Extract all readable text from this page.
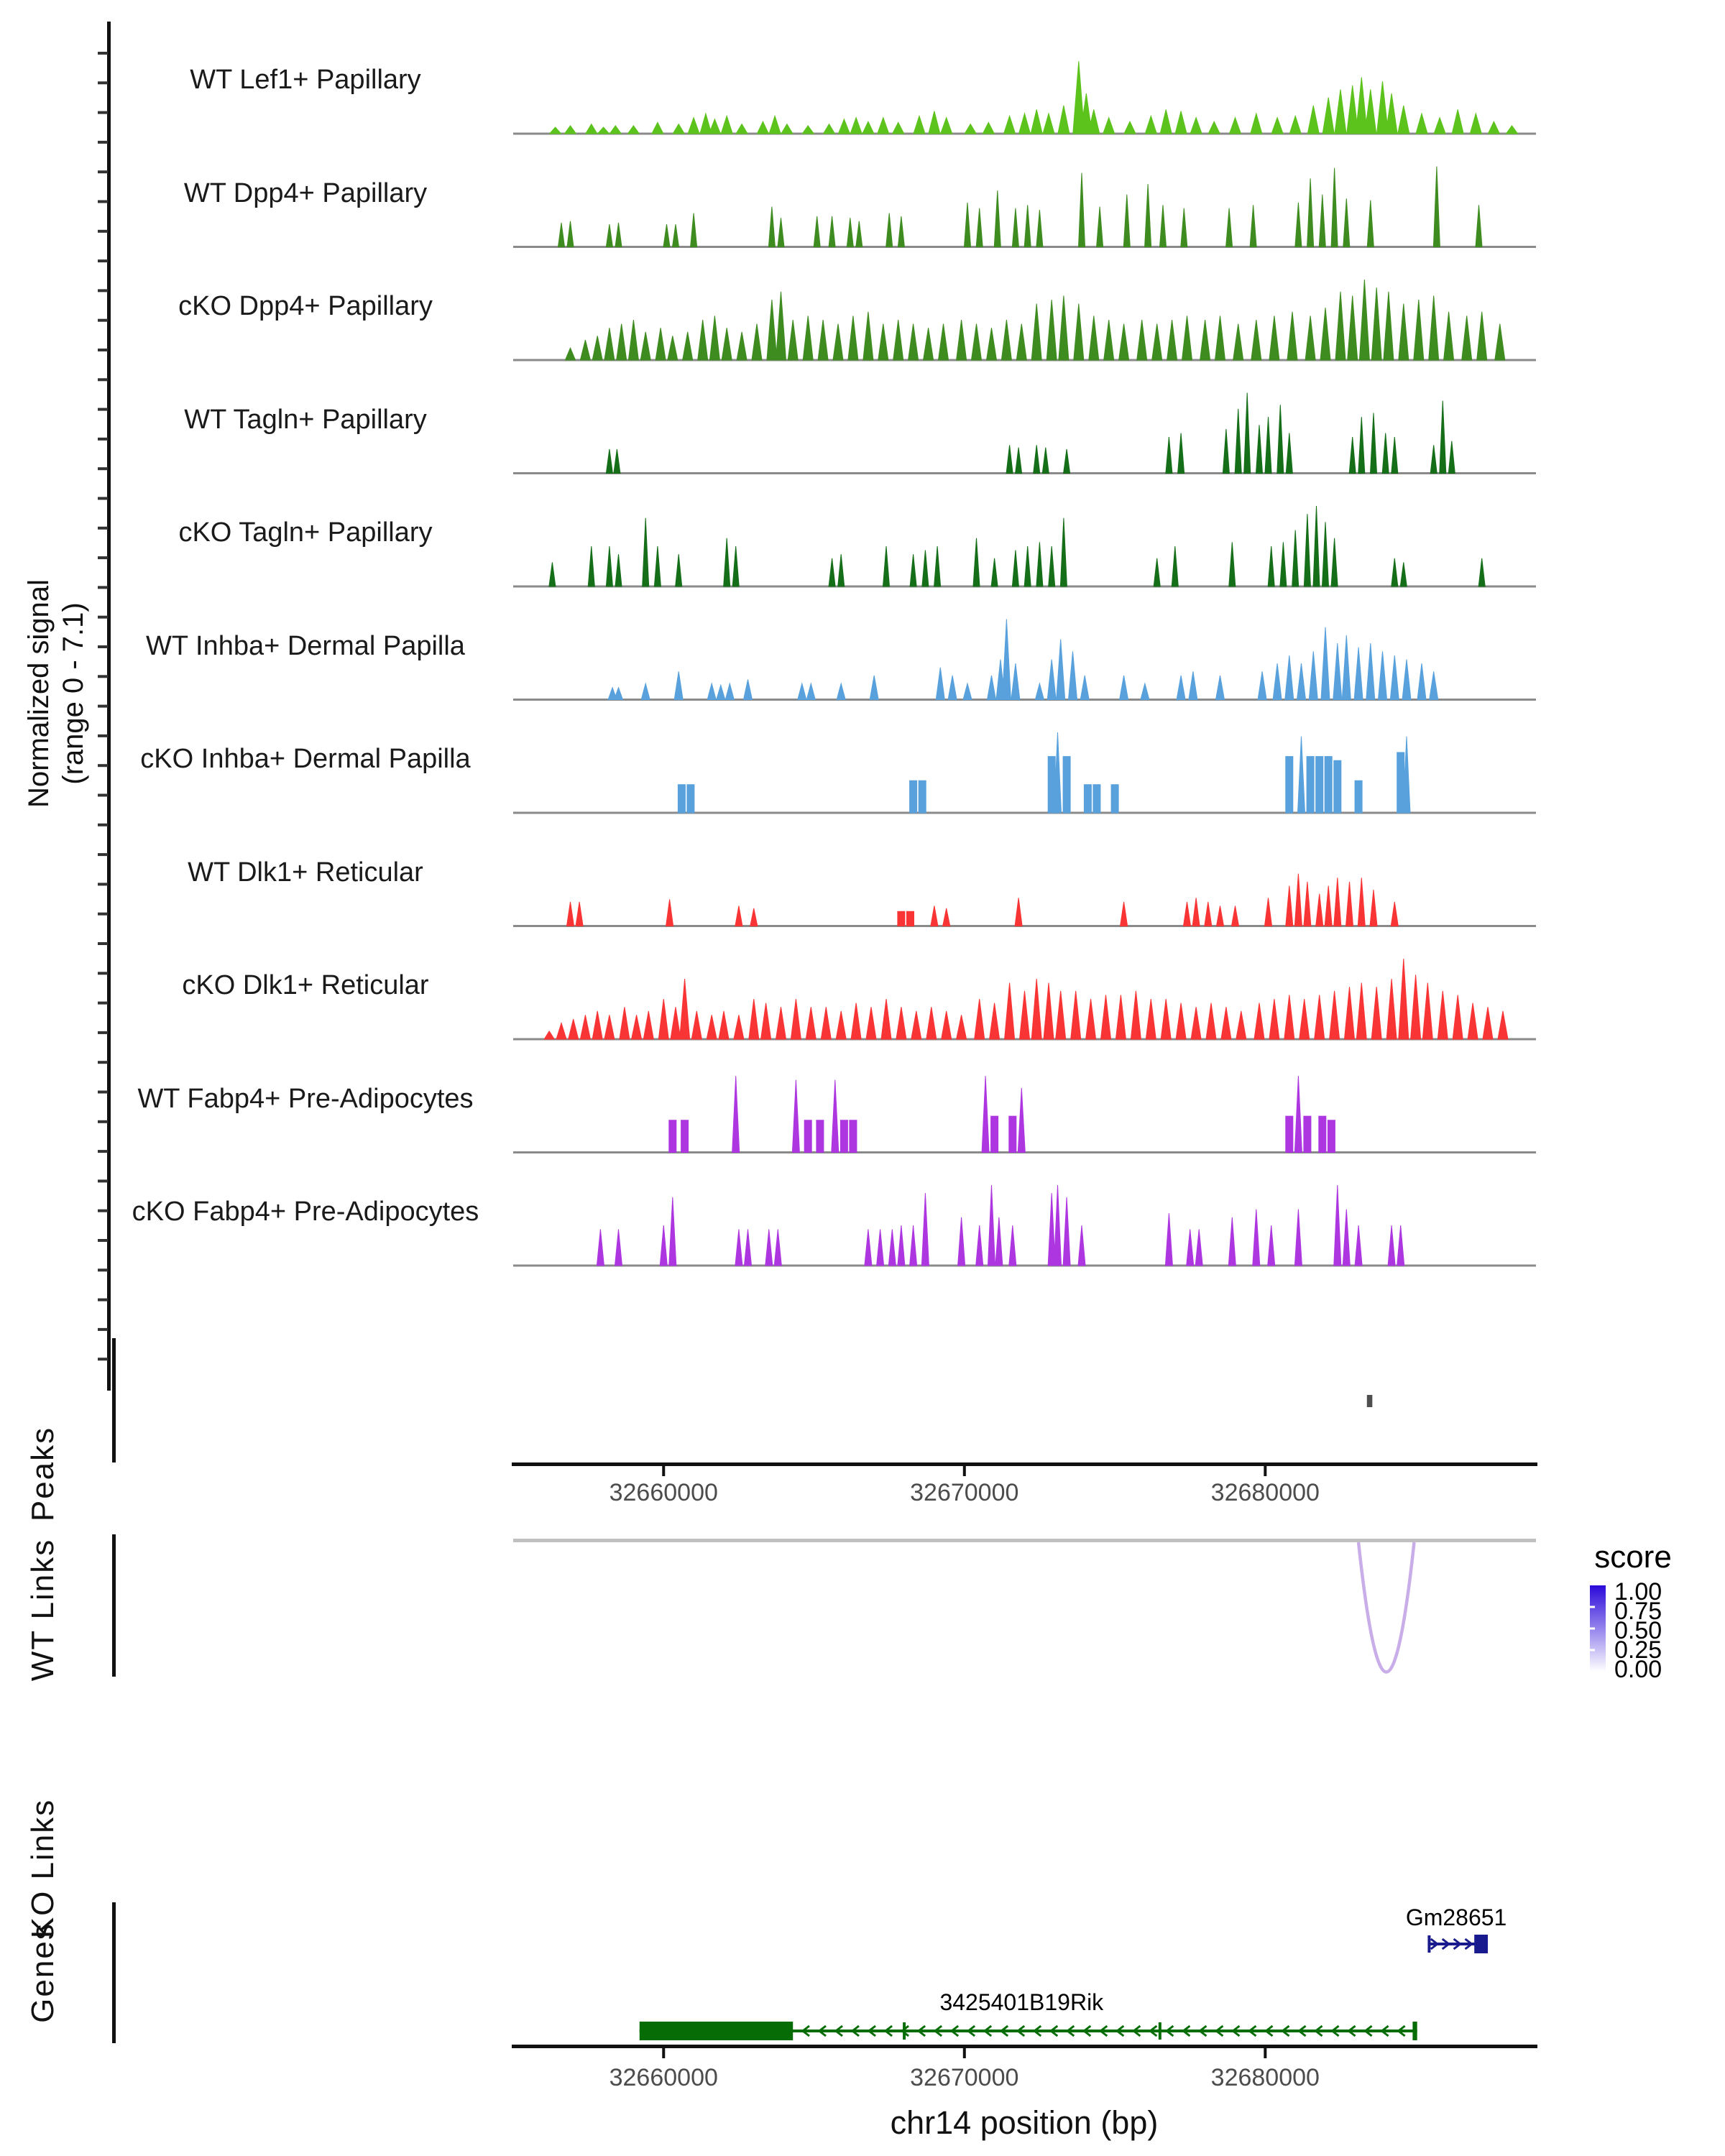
Normalized signal (range 0 - 7.1)
Peaks
WT Links
KO Links
Genes
chr14 position (bp)
score
WT Lef1+ Papillary
WT Dpp4+ Papillary
cKO Dpp4+ Papillary
WT Tagln+ Papillary
cKO Tagln+ Papillary
WT Inhba+ Dermal Papilla
cKO Inhba+ Dermal Papilla
WT Dlk1+ Reticular
cKO Dlk1+ Reticular
WT Fabp4+ Pre-Adipocytes
cKO Fabp4+ Pre-Adipocytes
32660000	32670000	32680000
1.00
0.75
0.50
0.25
0.00
3425401B19Rik
Gm28651
32660000	32670000	32680000
